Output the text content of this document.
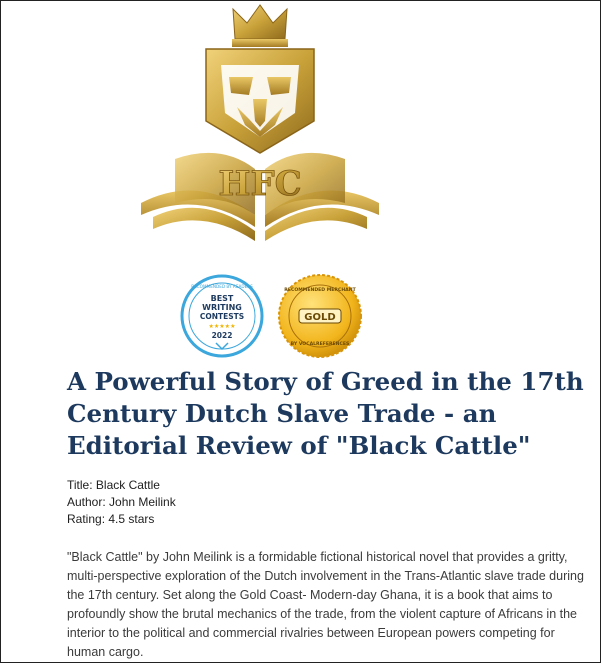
HFC
RECOMMENDED BY READERS
BEST
WRITING
CONTESTS
★★★★★
2022
RECOMMENDED MERCHANT
GOLD
BY VOCALREFERENCES
A Powerful Story of Greed in the 17th Century Dutch Slave Trade - an Editorial Review of "Black Cattle"
Title: Black Cattle
Author: John Meilink
Rating: 4.5 stars

"Black Cattle" by John Meilink is a formidable fictional historical novel that provides a gritty, multi-perspective exploration of the Dutch involvement in the Trans-Atlantic slave trade during the 17th century. Set along the Gold Coast- Modern-day Ghana, it is a book that aims to profoundly show the brutal mechanics of the trade, from the violent capture of Africans in the interior to the political and commercial rivalries between European powers competing for human cargo.
